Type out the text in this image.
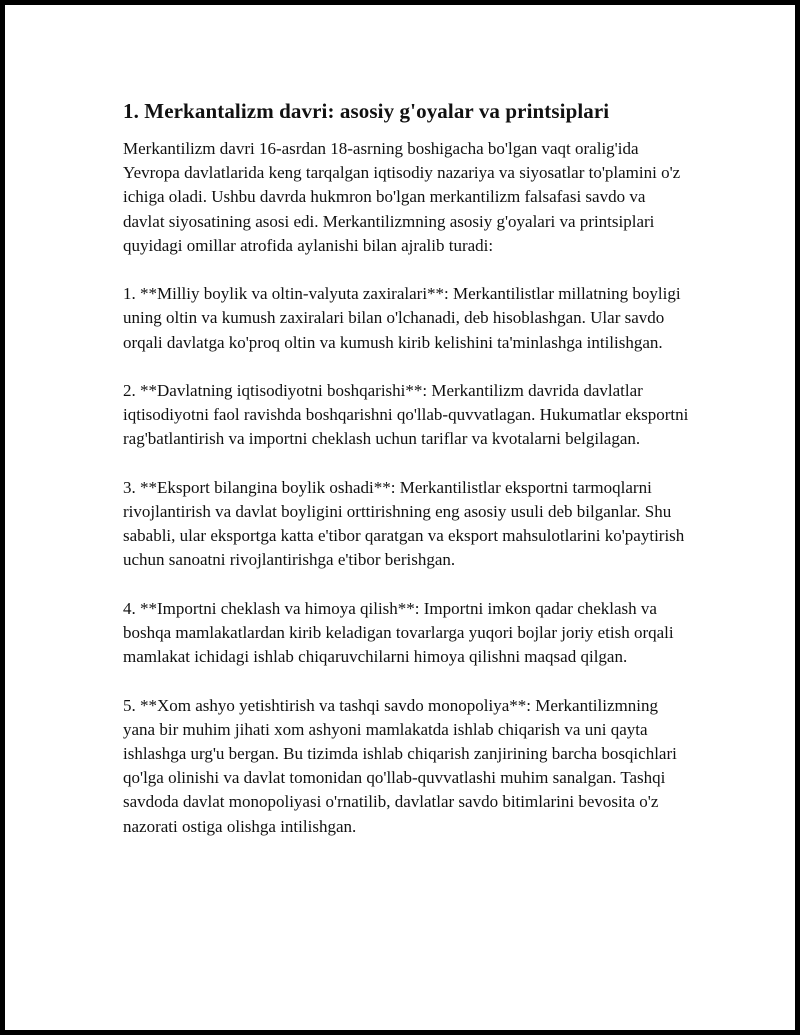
1. Merkantalizm davri: asosiy g'oyalar va printsiplari

Merkantilizm davri 16-asrdan 18-asrning boshigacha bo'lgan vaqt oralig'ida Yevropa davlatlarida keng tarqalgan iqtisodiy nazariya va siyosatlar to'plamini o'z ichiga oladi. Ushbu davrda hukmron bo'lgan merkantilizm falsafasi savdo va davlat siyosatining asosi edi. Merkantilizmning asosiy g'oyalari va printsiplari quyidagi omillar atrofida aylanishi bilan ajralib turadi:

1. **Milliy boylik va oltin-valyuta zaxiralari**: Merkantilistlar millatning boyligi uning oltin va kumush zaxiralari bilan o'lchanadi, deb hisoblashgan. Ular savdo orqali davlatga ko'proq oltin va kumush kirib kelishini ta'minlashga intilishgan.

2. **Davlatning iqtisodiyotni boshqarishi**: Merkantilizm davrida davlatlar iqtisodiyotni faol ravishda boshqarishni qo'llab-quvvatlagan. Hukumatlar eksportni rag'batlantirish va importni cheklash uchun tariflar va kvotalarni belgilagan.

3. **Eksport bilangina boylik oshadi**: Merkantilistlar eksportni tarmoqlarni rivojlantirish va davlat boyligini orttirishning eng asosiy usuli deb bilganlar. Shu sababli, ular eksportga katta e'tibor qaratgan va eksport mahsulotlarini ko'paytirish uchun sanoatni rivojlantirishga e'tibor berishgan.

4. **Importni cheklash va himoya qilish**: Importni imkon qadar cheklash va boshqa mamlakatlardan kirib keladigan tovarlarga yuqori bojlar joriy etish orqali mamlakat ichidagi ishlab chiqaruvchilarni himoya qilishni maqsad qilgan.

5. **Xom ashyo yetishtirish va tashqi savdo monopoliya**: Merkantilizmning yana bir muhim jihati xom ashyoni mamlakatda ishlab chiqarish va uni qayta ishlashga urg'u bergan. Bu tizimda ishlab chiqarish zanjirining barcha bosqichlari qo'lga olinishi va davlat tomonidan qo'llab-quvvatlashi muhim sanalgan. Tashqi savdoda davlat monopoliyasi o'rnatilib, davlatlar savdo bitimlarini bevosita o'z nazorati ostiga olishga intilishgan.
